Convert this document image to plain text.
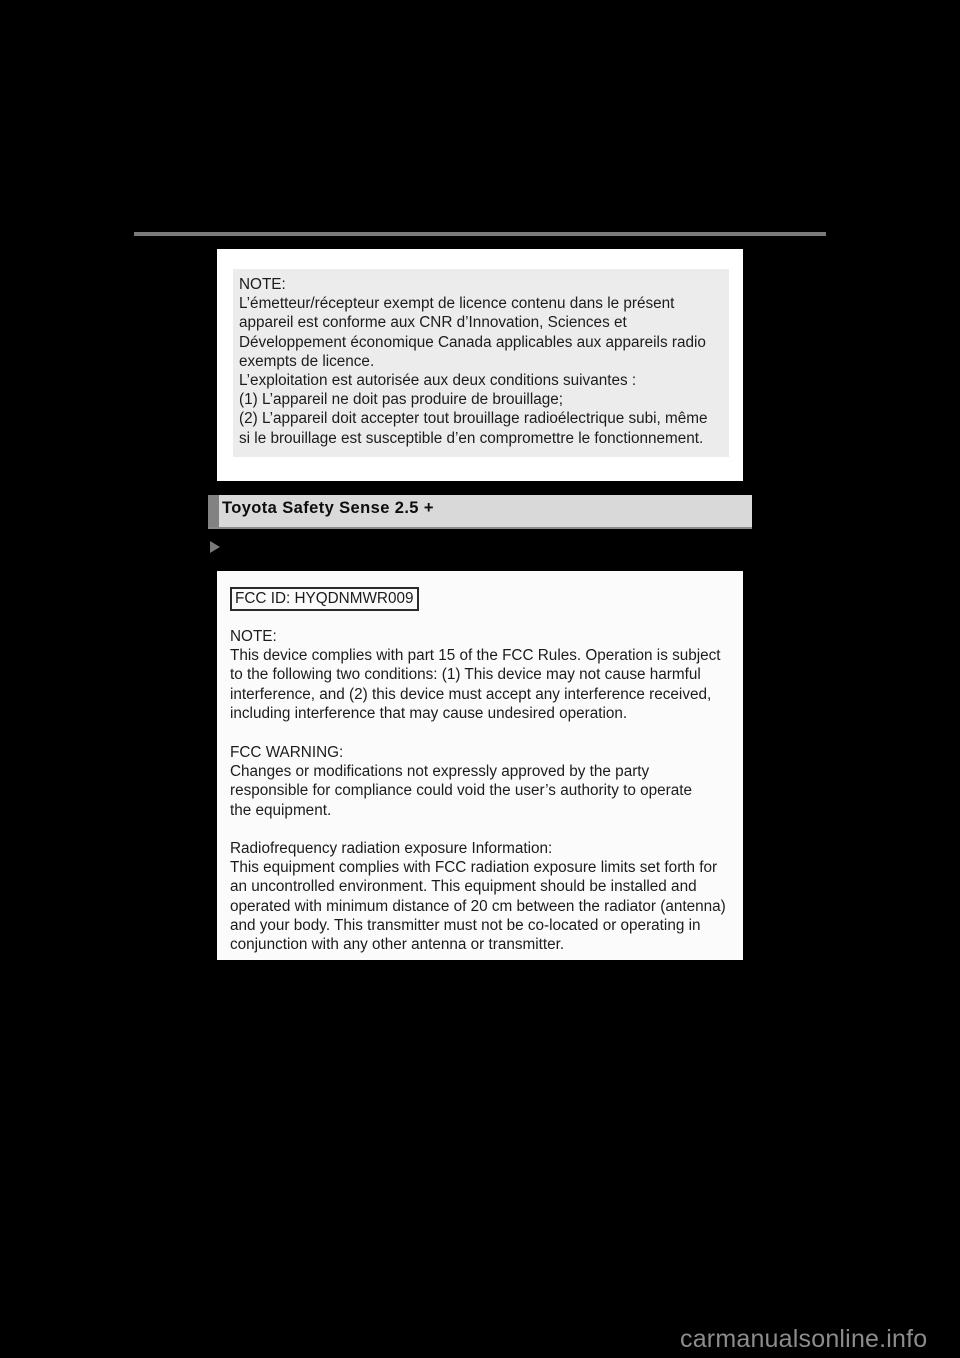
NOTE:

L’émetteur/récepteur exempt de licence contenu dans le présent

appareil est conforme aux CNR d’Innovation, Sciences et

Développement économique Canada applicables aux appareils radio

exempts de licence.

L’exploitation est autorisée aux deux conditions suivantes :

(1) L’appareil ne doit pas produire de brouillage;

(2) L’appareil doit accepter tout brouillage radioélectrique subi, même

si le brouillage est susceptible d’en compromettre le fonctionnement.

Toyota Safety Sense 2.5 +
FCC ID: HYQDNMWR009

NOTE:

This device complies with part 15 of the FCC Rules. Operation is subject

to the following two conditions: (1) This device may not cause harmful

interference, and (2) this device must accept any interference received,

including interference that may cause undesired operation.

FCC WARNING:

Changes or modifications not expressly approved by the party

responsible for compliance could void the user’s authority to operate

the equipment.

Radiofrequency radiation exposure Information:

This equipment complies with FCC radiation exposure limits set forth for

an uncontrolled environment. This equipment should be installed and

operated with minimum distance of 20 cm between the radiator (antenna)

and your body. This transmitter must not be co-located or operating in

conjunction with any other antenna or transmitter.

carmanualsonline.info
